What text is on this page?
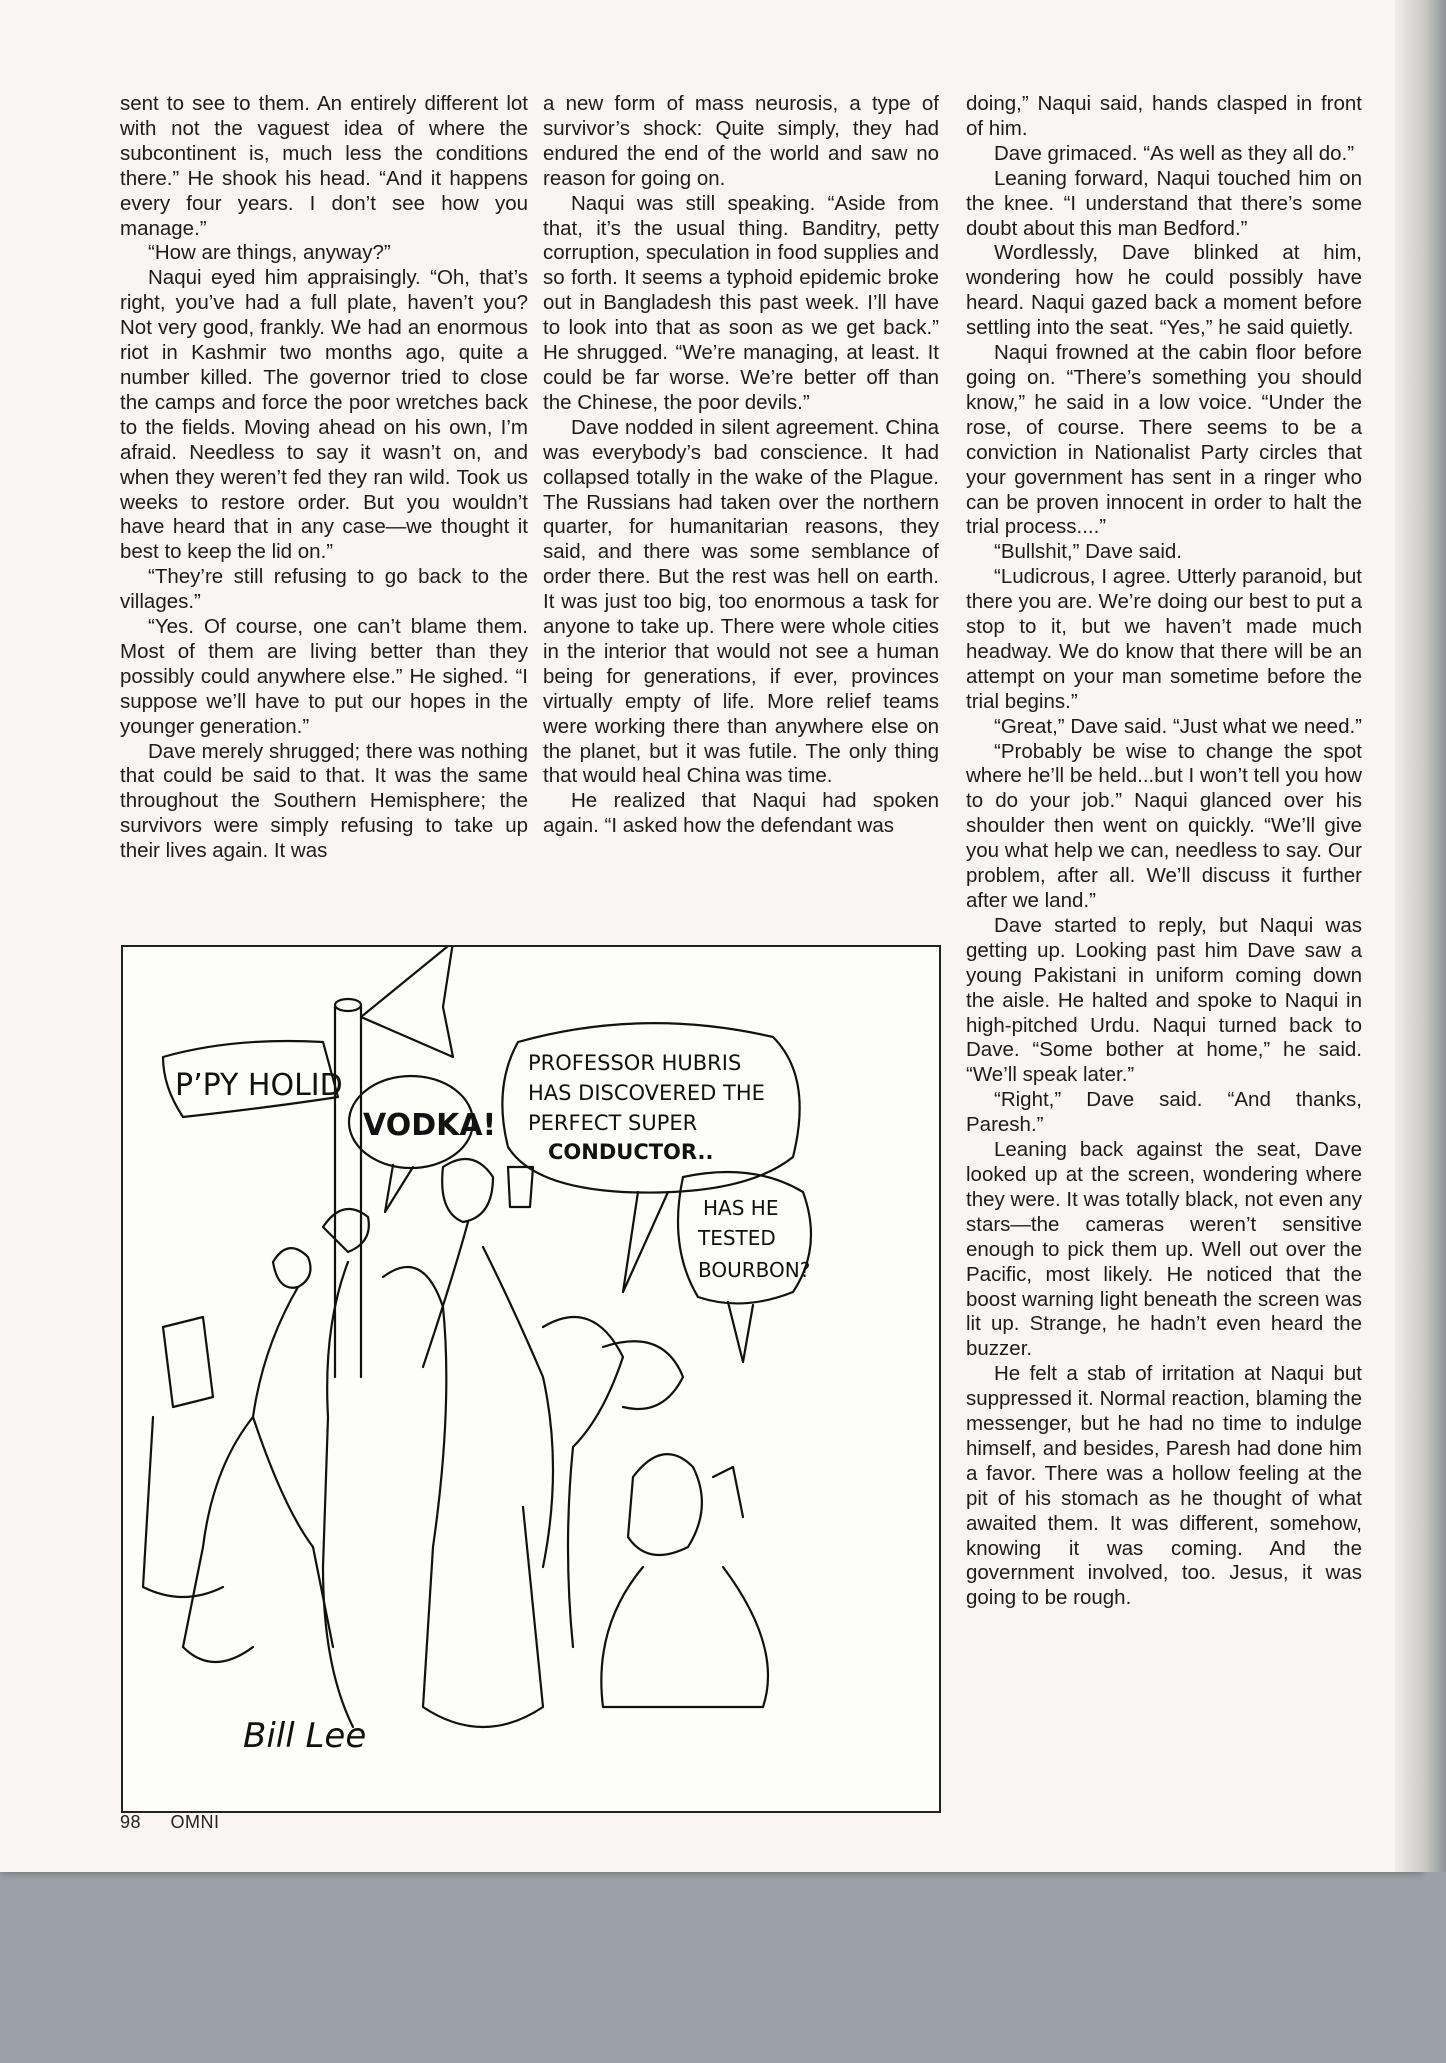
sent to see to them. An entirely different lot with not the vaguest idea of where the subcontinent is, much less the conditions there.” He shook his head. “And it happens every four years. I don’t see how you manage.”

“How are things, anyway?”

Naqui eyed him appraisingly. “Oh, that’s right, you’ve had a full plate, haven’t you? Not very good, frankly. We had an enormous riot in Kashmir two months ago, quite a number killed. The governor tried to close the camps and force the poor wretches back to the fields. Moving ahead on his own, I’m afraid. Needless to say it wasn’t on, and when they weren’t fed they ran wild. Took us weeks to restore order. But you wouldn’t have heard that in any case—we thought it best to keep the lid on.”

“They’re still refusing to go back to the villages.”

“Yes. Of course, one can’t blame them. Most of them are living better than they possibly could anywhere else.” He sighed. “I suppose we’ll have to put our hopes in the younger generation.”

Dave merely shrugged; there was nothing that could be said to that. It was the same throughout the Southern Hemisphere; the survivors were simply refusing to take up their lives again. It was

a new form of mass neurosis, a type of survivor’s shock: Quite simply, they had endured the end of the world and saw no reason for going on.

Naqui was still speaking. “Aside from that, it’s the usual thing. Banditry, petty corruption, speculation in food supplies and so forth. It seems a typhoid epidemic broke out in Bangladesh this past week. I’ll have to look into that as soon as we get back.” He shrugged. “We’re managing, at least. It could be far worse. We’re better off than the Chinese, the poor devils.”

Dave nodded in silent agreement. China was everybody’s bad conscience. It had collapsed totally in the wake of the Plague. The Russians had taken over the northern quarter, for humanitarian reasons, they said, and there was some semblance of order there. But the rest was hell on earth. It was just too big, too enormous a task for anyone to take up. There were whole cities in the interior that would not see a human being for generations, if ever, provinces virtually empty of life. More relief teams were working there than anywhere else on the planet, but it was futile. The only thing that would heal China was time.

He realized that Naqui had spoken again. “I asked how the defendant was

doing,” Naqui said, hands clasped in front of him.

Dave grimaced. “As well as they all do.”

Leaning forward, Naqui touched him on the knee. “I understand that there’s some doubt about this man Bedford.”

Wordlessly, Dave blinked at him, wondering how he could possibly have heard. Naqui gazed back a moment before settling into the seat. “Yes,” he said quietly.

Naqui frowned at the cabin floor before going on. “There’s something you should know,” he said in a low voice. “Under the rose, of course. There seems to be a conviction in Nationalist Party circles that your government has sent in a ringer who can be proven innocent in order to halt the trial process....”

“Bullshit,” Dave said.

“Ludicrous, I agree. Utterly paranoid, but there you are. We’re doing our best to put a stop to it, but we haven’t made much headway. We do know that there will be an attempt on your man sometime before the trial begins.”

“Great,” Dave said. “Just what we need.”

“Probably be wise to change the spot where he’ll be held...but I won’t tell you how to do your job.” Naqui glanced over his shoulder then went on quickly. “We’ll give you what help we can, needless to say. Our problem, after all. We’ll discuss it further after we land.”

Dave started to reply, but Naqui was getting up. Looking past him Dave saw a young Pakistani in uniform coming down the aisle. He halted and spoke to Naqui in high-pitched Urdu. Naqui turned back to Dave. “Some bother at home,” he said. “We’ll speak later.”

“Right,” Dave said. “And thanks, Paresh.”

Leaning back against the seat, Dave looked up at the screen, wondering where they were. It was totally black, not even any stars—the cameras weren’t sensitive enough to pick them up. Well out over the Pacific, most likely. He noticed that the boost warning light beneath the screen was lit up. Strange, he hadn’t even heard the buzzer.

He felt a stab of irritation at Naqui but suppressed it. Normal reaction, blaming the messenger, but he had no time to indulge himself, and besides, Paresh had done him a favor. There was a hollow feeling at the pit of his stomach as he thought of what awaited them. It was different, somehow, knowing it was coming. And the government involved, too. Jesus, it was going to be rough.

P’PY HOLID
VODKA!
PROFESSOR HUBRIS
HAS DISCOVERED THE
PERFECT SUPER
CONDUCTOR..
HAS HE
TESTED
BOURBON?
Bill Lee
98 OMNI
